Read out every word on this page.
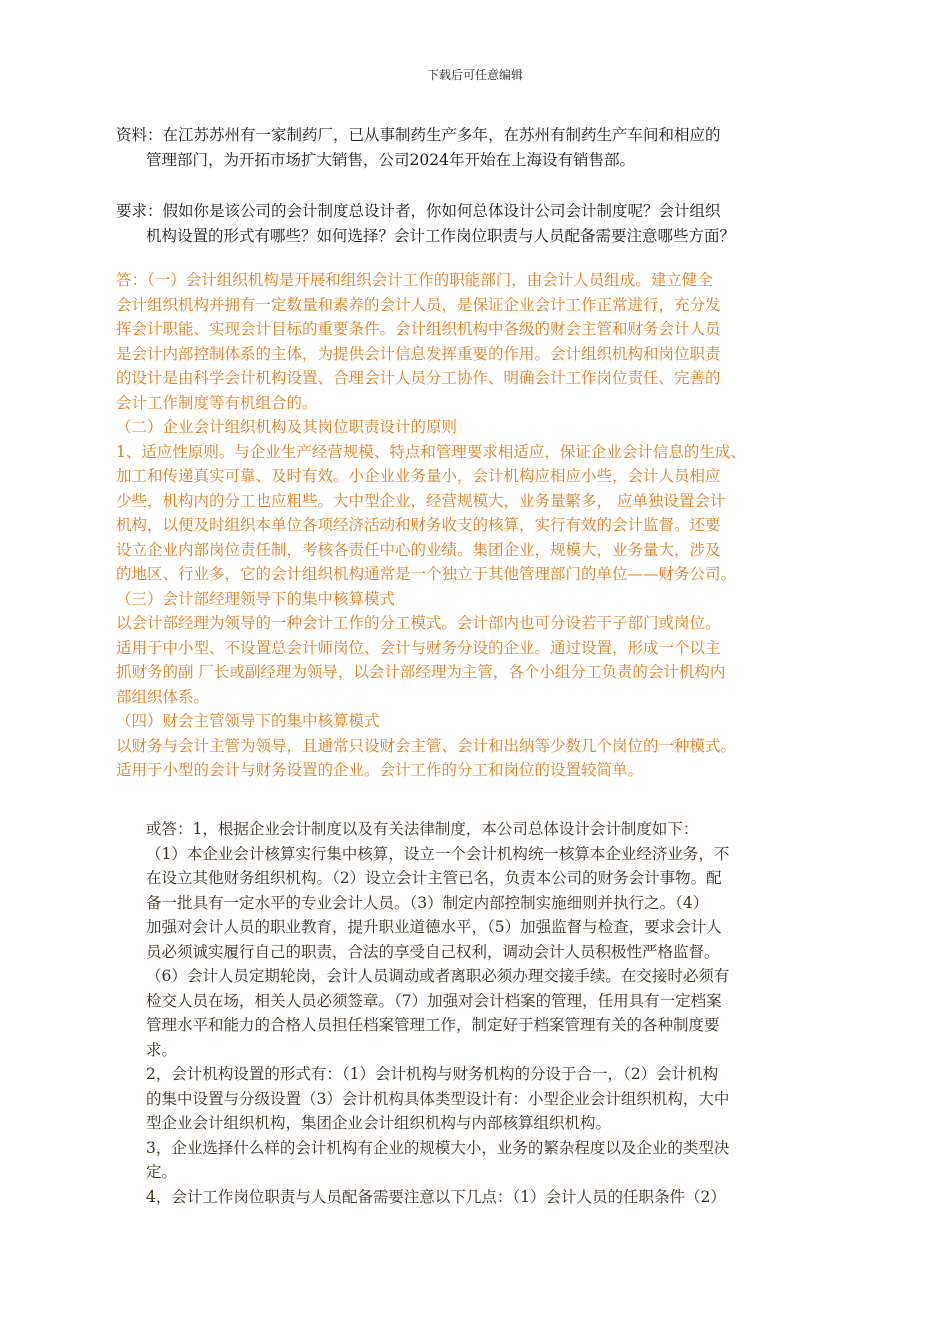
下载后可任意编辑
资料：在江苏苏州有一家制药厂，已从事制药生产多年，在苏州有制药生产车间和相应的
管理部门，为开拓市场扩大销售，公司2024年开始在上海设有销售部。
要求：假如你是该公司的会计制度总设计者，你如何总体设计公司会计制度呢？会计组织
机构设置的形式有哪些？如何选择？会计工作岗位职责与人员配备需要注意哪些方面？
答：（一）会计组织机构是开展和组织会计工作的职能部门，由会计人员组成。建立健全
会计组织机构并拥有一定数量和素养的会计人员，是保证企业会计工作正常进行，充分发
挥会计职能、实现会计目标的重要条件。会计组织机构中各级的财会主管和财务会计人员
是会计内部控制体系的主体，为提供会计信息发挥重要的作用。会计组织机构和岗位职责
的设计是由科学会计机构设置、合理会计人员分工协作、明确会计工作岗位责任、完善的
会计工作制度等有机组合的。
（二）企业会计组织机构及其岗位职责设计的原则
1、适应性原则。与企业生产经营规模、特点和管理要求相适应，保证企业会计信息的生成、
加工和传递真实可靠、及时有效。小企业业务量小，会计机构应相应小些，会计人员相应
少些，机构内的分工也应粗些。大中型企业，经营规模大，业务量繁多， 应单独设置会计
机构，以便及时组织本单位各项经济活动和财务收支的核算，实行有效的会计监督。还要
设立企业内部岗位责任制，考核各责任中心的业绩。集团企业，规模大，业务量大，涉及
的地区、行业多，它的会计组织机构通常是一个独立于其他管理部门的单位——财务公司。
（三）会计部经理领导下的集中核算模式
以会计部经理为领导的一种会计工作的分工模式。会计部内也可分设若干子部门或岗位。
适用于中小型、不设置总会计师岗位、会计与财务分设的企业。通过设置，形成一个以主
抓财务的副 厂长或副经理为领导，以会计部经理为主管，各个小组分工负责的会计机构内
部组织体系。
（四）财会主管领导下的集中核算模式
以财务与会计主管为领导，且通常只设财会主管、会计和出纳等少数几个岗位的一种模式。
适用于小型的会计与财务设置的企业。会计工作的分工和岗位的设置较简单。
或答：1，根据企业会计制度以及有关法律制度，本公司总体设计会计制度如下：
（1）本企业会计核算实行集中核算，设立一个会计机构统一核算本企业经济业务，不
在设立其他财务组织机构。（2）设立会计主管已名，负责本公司的财务会计事物。配
备一批具有一定水平的专业会计人员。（3）制定内部控制实施细则并执行之。（4）
加强对会计人员的职业教育，提升职业道德水平，（5）加强监督与检查，要求会计人
员必须诚实履行自己的职责，合法的享受自己权利，调动会计人员积极性严格监督。
（6）会计人员定期轮岗，会计人员调动或者离职必须办理交接手续。在交接时必须有
检交人员在场，相关人员必须签章。（7）加强对会计档案的管理，任用具有一定档案
管理水平和能力的合格人员担任档案管理工作，制定好于档案管理有关的各种制度要
求。
2，会计机构设置的形式有：（1）会计机构与财务机构的分设于合一，（2）会计机构
的集中设置与分级设置（3）会计机构具体类型设计有：小型企业会计组织机构，大中
型企业会计组织机构，集团企业会计组织机构与内部核算组织机构。
3，企业选择什么样的会计机构有企业的规模大小，业务的繁杂程度以及企业的类型决
定。
4，会计工作岗位职责与人员配备需要注意以下几点：（1）会计人员的任职条件（2）
